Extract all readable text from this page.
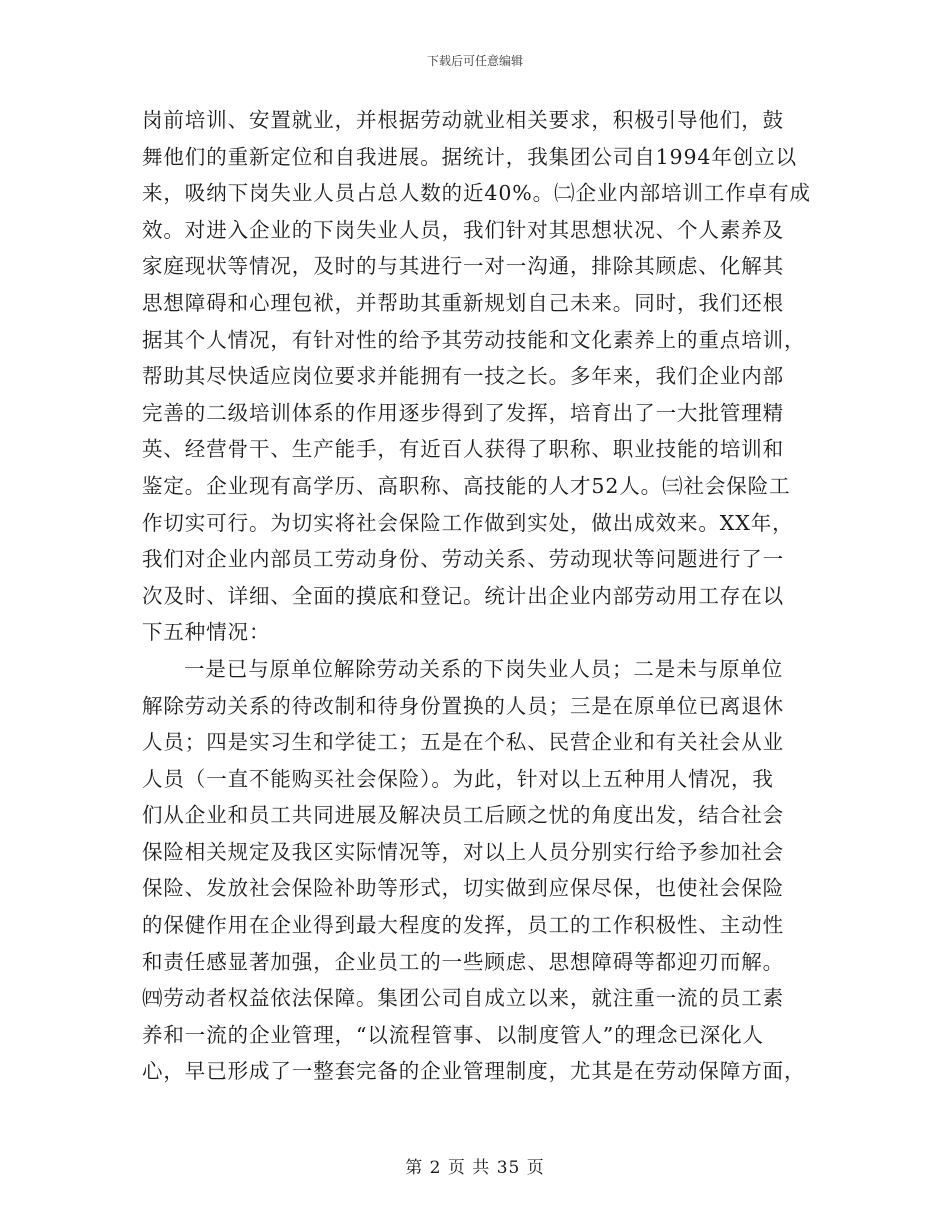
下载后可任意编辑
岗前培训、安置就业，并根据劳动就业相关要求，积极引导他们，鼓
舞他们的重新定位和自我进展。据统计，我集团公司自1994年创立以
来，吸纳下岗失业人员占总人数的近40%。㈡企业内部培训工作卓有成
效。对进入企业的下岗失业人员，我们针对其思想状况、个人素养及
家庭现状等情况，及时的与其进行一对一沟通，排除其顾虑、化解其
思想障碍和心理包袱，并帮助其重新规划自己未来。同时，我们还根
据其个人情况，有针对性的给予其劳动技能和文化素养上的重点培训，
帮助其尽快适应岗位要求并能拥有一技之长。多年来，我们企业内部
完善的二级培训体系的作用逐步得到了发挥，培育出了一大批管理精
英、经营骨干、生产能手，有近百人获得了职称、职业技能的培训和
鉴定。企业现有高学历、高职称、高技能的人才52人。㈢社会保险工
作切实可行。为切实将社会保险工作做到实处，做出成效来。XX年，
我们对企业内部员工劳动身份、劳动关系、劳动现状等问题进行了一
次及时、详细、全面的摸底和登记。统计出企业内部劳动用工存在以
下五种情况：
一是已与原单位解除劳动关系的下岗失业人员；二是未与原单位
解除劳动关系的待改制和待身份置换的人员；三是在原单位已离退休
人员；四是实习生和学徒工；五是在个私、民营企业和有关社会从业
人员（一直不能购买社会保险）。为此，针对以上五种用人情况，我
们从企业和员工共同进展及解决员工后顾之忧的角度出发，结合社会
保险相关规定及我区实际情况等，对以上人员分别实行给予参加社会
保险、发放社会保险补助等形式，切实做到应保尽保，也使社会保险
的保健作用在企业得到最大程度的发挥，员工的工作积极性、主动性
和责任感显著加强，企业员工的一些顾虑、思想障碍等都迎刃而解。
㈣劳动者权益依法保障。集团公司自成立以来，就注重一流的员工素
养和一流的企业管理，“以流程管事、以制度管人”的理念已深化人
心，早已形成了一整套完备的企业管理制度，尤其是在劳动保障方面，
第 2 页 共 35 页
